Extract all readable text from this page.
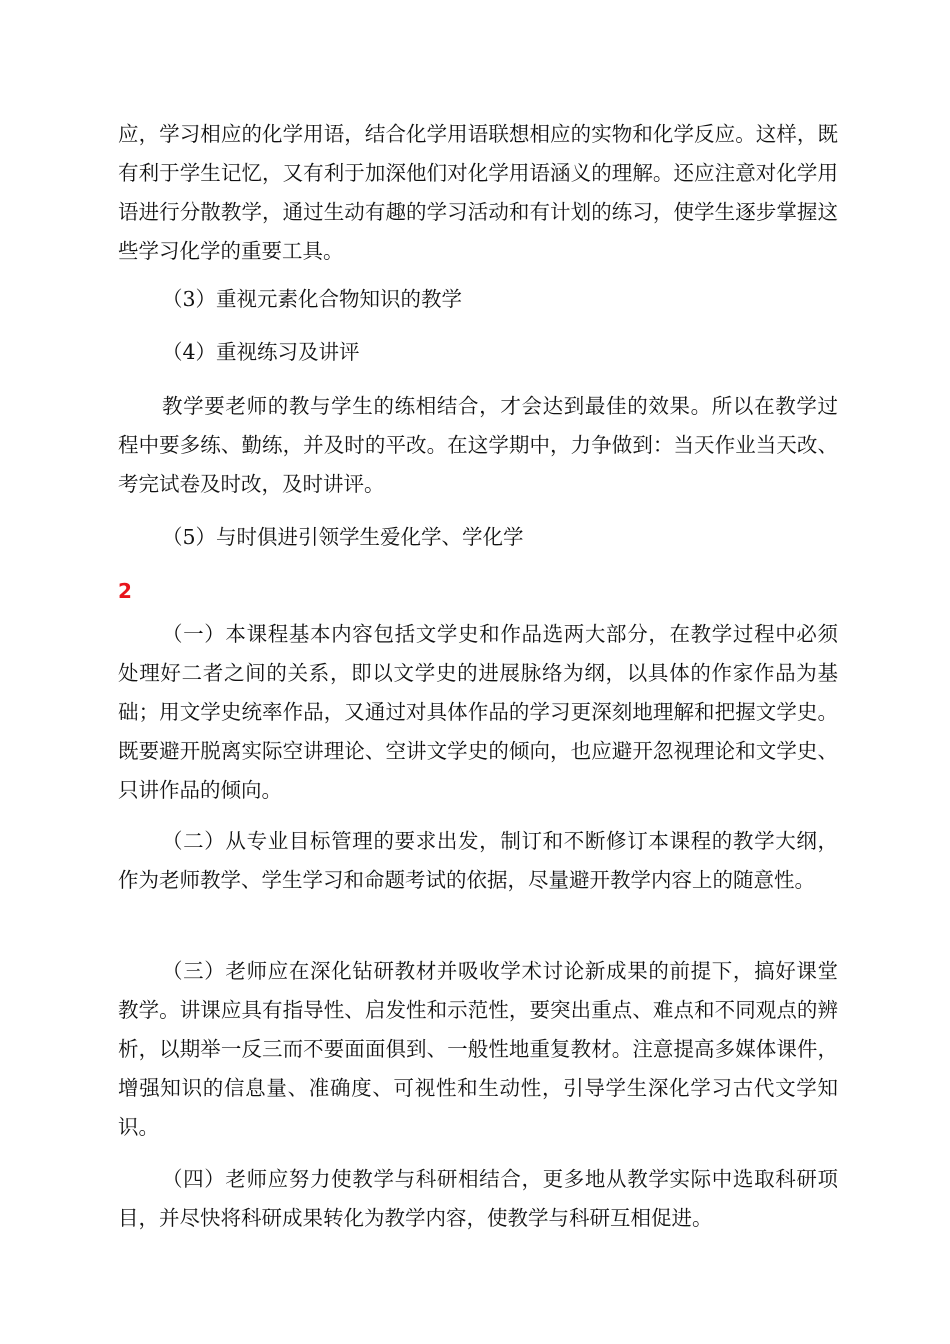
应，学习相应的化学用语，结合化学用语联想相应的实物和化学反应。这样，既有利于学生记忆，又有利于加深他们对化学用语涵义的理解。还应注意对化学用语进行分散教学，通过生动有趣的学习活动和有计划的练习，使学生逐步掌握这些学习化学的重要工具。

（3）重视元素化合物知识的教学

（4）重视练习及讲评

教学要老师的教与学生的练相结合，才会达到最佳的效果。所以在教学过程中要多练、勤练，并及时的平改。在这学期中，力争做到：当天作业当天改、考完试卷及时改，及时讲评。

（5）与时俱进引领学生爱化学、学化学

2

（一）本课程基本内容包括文学史和作品选两大部分，在教学过程中必须处理好二者之间的关系，即以文学史的进展脉络为纲，以具体的作家作品为基础；用文学史统率作品，又通过对具体作品的学习更深刻地理解和把握文学史。既要避开脱离实际空讲理论、空讲文学史的倾向，也应避开忽视理论和文学史、只讲作品的倾向。

（二）从专业目标管理的要求出发，制订和不断修订本课程的教学大纲，作为老师教学、学生学习和命题考试的依据，尽量避开教学内容上的随意性。

（三）老师应在深化钻研教材并吸收学术讨论新成果的前提下，搞好课堂教学。讲课应具有指导性、启发性和示范性，要突出重点、难点和不同观点的辨析，以期举一反三而不要面面俱到、一般性地重复教材。注意提高多媒体课件，增强知识的信息量、准确度、可视性和生动性，引导学生深化学习古代文学知识。

（四）老师应努力使教学与科研相结合，更多地从教学实际中选取科研项目，并尽快将科研成果转化为教学内容，使教学与科研互相促进。
